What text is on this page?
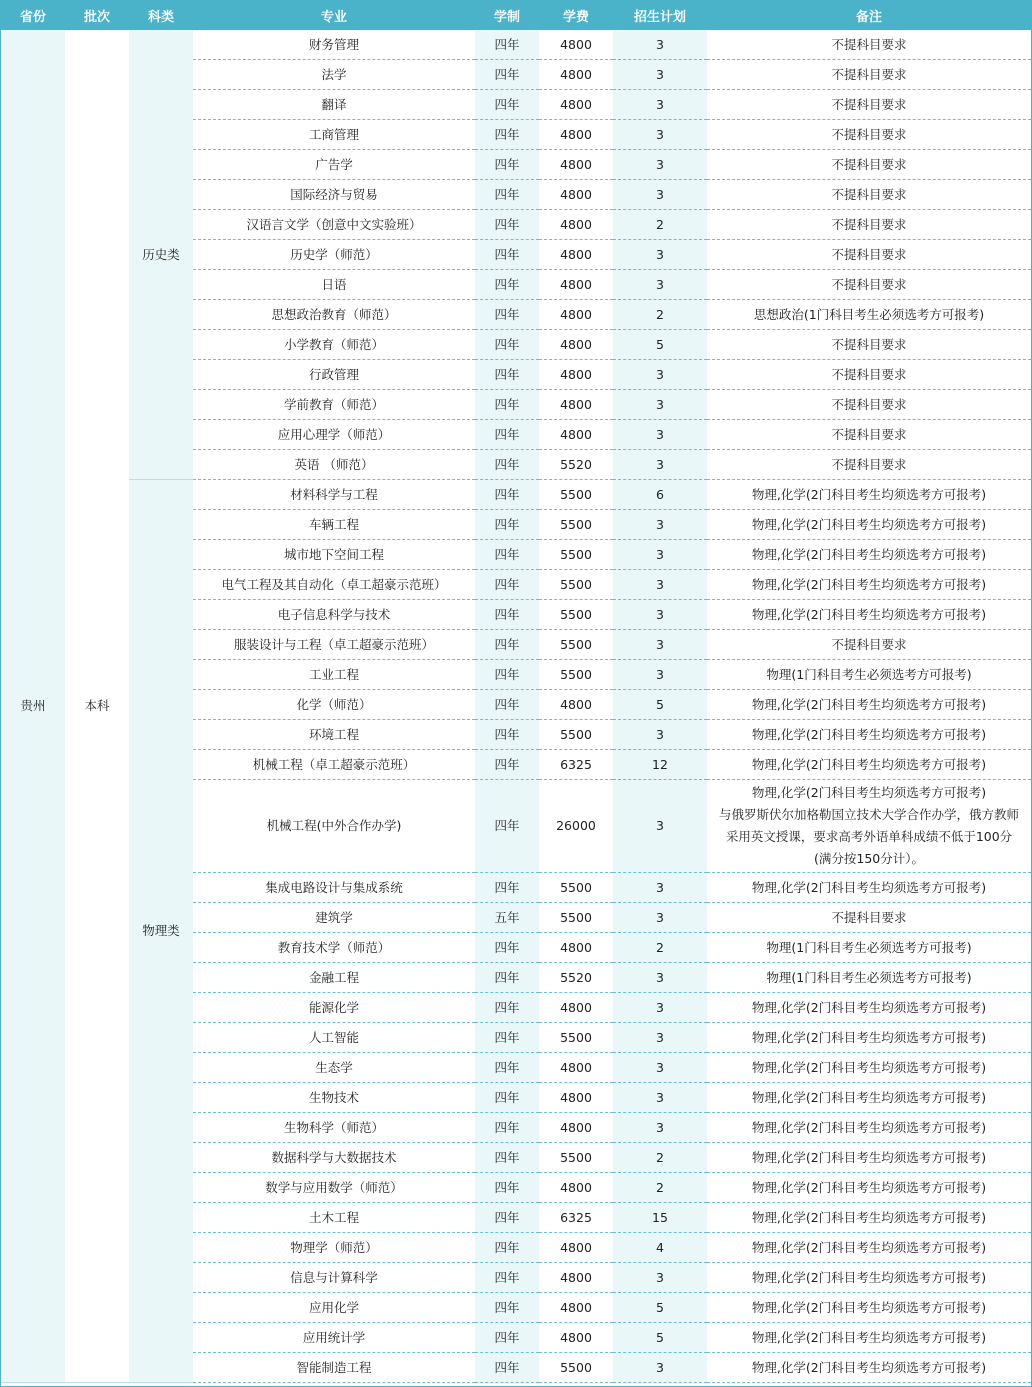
省份	批次	科类	专业	学制	学费	招生计划	备注
贵州	本科	历史类	财务管理	四年	4800	3	不提科目要求
			法学	四年	4800	3	不提科目要求
			翻译	四年	4800	3	不提科目要求
			工商管理	四年	4800	3	不提科目要求
			广告学	四年	4800	3	不提科目要求
			国际经济与贸易	四年	4800	3	不提科目要求
			汉语言文学（创意中文实验班）	四年	4800	2	不提科目要求
			历史学（师范）	四年	4800	3	不提科目要求
			日语	四年	4800	3	不提科目要求
			思想政治教育（师范）	四年	4800	2	思想政治(1门科目考生必须选考方可报考)
			小学教育（师范）	四年	4800	5	不提科目要求
			行政管理	四年	4800	3	不提科目要求
			学前教育（师范）	四年	4800	3	不提科目要求
			应用心理学（师范）	四年	4800	3	不提科目要求
			英语 （师范）	四年	5520	3	不提科目要求
		物理类	材料科学与工程	四年	5500	6	物理,化学(2门科目考生均须选考方可报考)
			车辆工程	四年	5500	3	物理,化学(2门科目考生均须选考方可报考)
			城市地下空间工程	四年	5500	3	物理,化学(2门科目考生均须选考方可报考)
			电气工程及其自动化（卓工超豪示范班）	四年	5500	3	物理,化学(2门科目考生均须选考方可报考)
			电子信息科学与技术	四年	5500	3	物理,化学(2门科目考生均须选考方可报考)
			服装设计与工程（卓工超豪示范班）	四年	5500	3	不提科目要求
			工业工程	四年	5500	3	物理(1门科目考生必须选考方可报考)
			化学（师范）	四年	4800	5	物理,化学(2门科目考生均须选考方可报考)
			环境工程	四年	5500	3	物理,化学(2门科目考生均须选考方可报考)
			机械工程（卓工超豪示范班）	四年	6325	12	物理,化学(2门科目考生均须选考方可报考)
			机械工程(中外合作办学)	四年	26000	3	物理,化学(2门科目考生均须选考方可报考)
与俄罗斯伏尔加格勒国立技术大学合作办学，俄方教师
采用英文授课，要求高考外语单科成绩不低于100分
(满分按150分计）。

			集成电路设计与集成系统	四年	5500	3	物理,化学(2门科目考生均须选考方可报考)
			建筑学	五年	5500	3	不提科目要求
			教育技术学（师范）	四年	4800	2	物理(1门科目考生必须选考方可报考)
			金融工程	四年	5520	3	物理(1门科目考生必须选考方可报考)
			能源化学	四年	4800	3	物理,化学(2门科目考生均须选考方可报考)
			人工智能	四年	5500	3	物理,化学(2门科目考生均须选考方可报考)
			生态学	四年	4800	3	物理,化学(2门科目考生均须选考方可报考)
			生物技术	四年	4800	3	物理,化学(2门科目考生均须选考方可报考)
			生物科学（师范）	四年	4800	3	物理,化学(2门科目考生均须选考方可报考)
			数据科学与大数据技术	四年	5500	2	物理,化学(2门科目考生均须选考方可报考)
			数学与应用数学（师范）	四年	4800	2	物理,化学(2门科目考生均须选考方可报考)
			土木工程	四年	6325	15	物理,化学(2门科目考生均须选考方可报考)
			物理学（师范）	四年	4800	4	物理,化学(2门科目考生均须选考方可报考)
			信息与计算科学	四年	4800	3	物理,化学(2门科目考生均须选考方可报考)
			应用化学	四年	4800	5	物理,化学(2门科目考生均须选考方可报考)
			应用统计学	四年	4800	5	物理,化学(2门科目考生均须选考方可报考)
			智能制造工程	四年	5500	3	物理,化学(2门科目考生均须选考方可报考)
